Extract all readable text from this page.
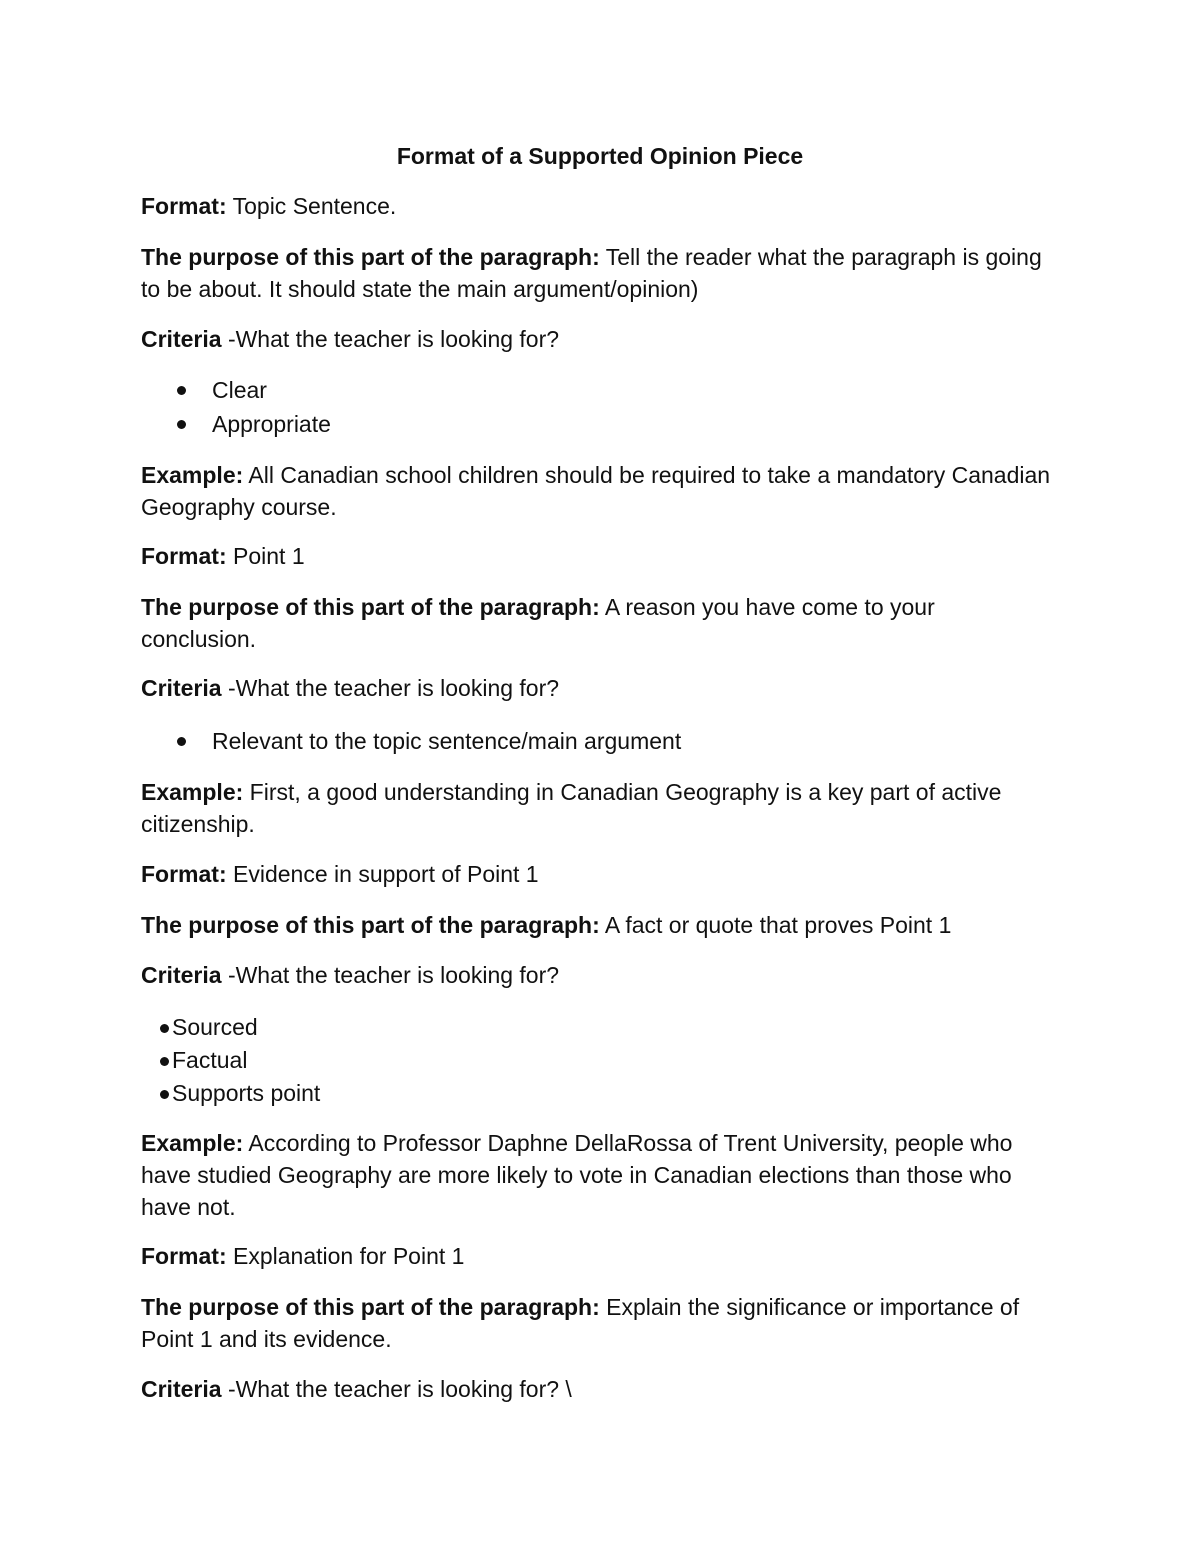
Format of a Supported Opinion Piece

Format: Topic Sentence.

The purpose of this part of the paragraph: Tell the reader what the paragraph is going to be about. It should state the main argument/opinion)

Criteria -What the teacher is looking for?

Clear

Appropriate

Example: All Canadian school children should be required to take a mandatory Canadian Geography course.

Format: Point 1

The purpose of this part of the paragraph: A reason you have come to your conclusion.

Criteria -What the teacher is looking for?

Relevant to the topic sentence/main argument

Example: First, a good understanding in Canadian Geography is a key part of active citizenship.

Format: Evidence in support of Point 1

The purpose of this part of the paragraph: A fact or quote that proves Point 1

Criteria -What the teacher is looking for?

Sourced

Factual

Supports point

Example: According to Professor Daphne DellaRossa of Trent University, people who have studied Geography are more likely to vote in Canadian elections than those who have not.

Format: Explanation for Point 1

The purpose of this part of the paragraph: Explain the significance or importance of Point 1 and its evidence.

Criteria -What the teacher is looking for? \
